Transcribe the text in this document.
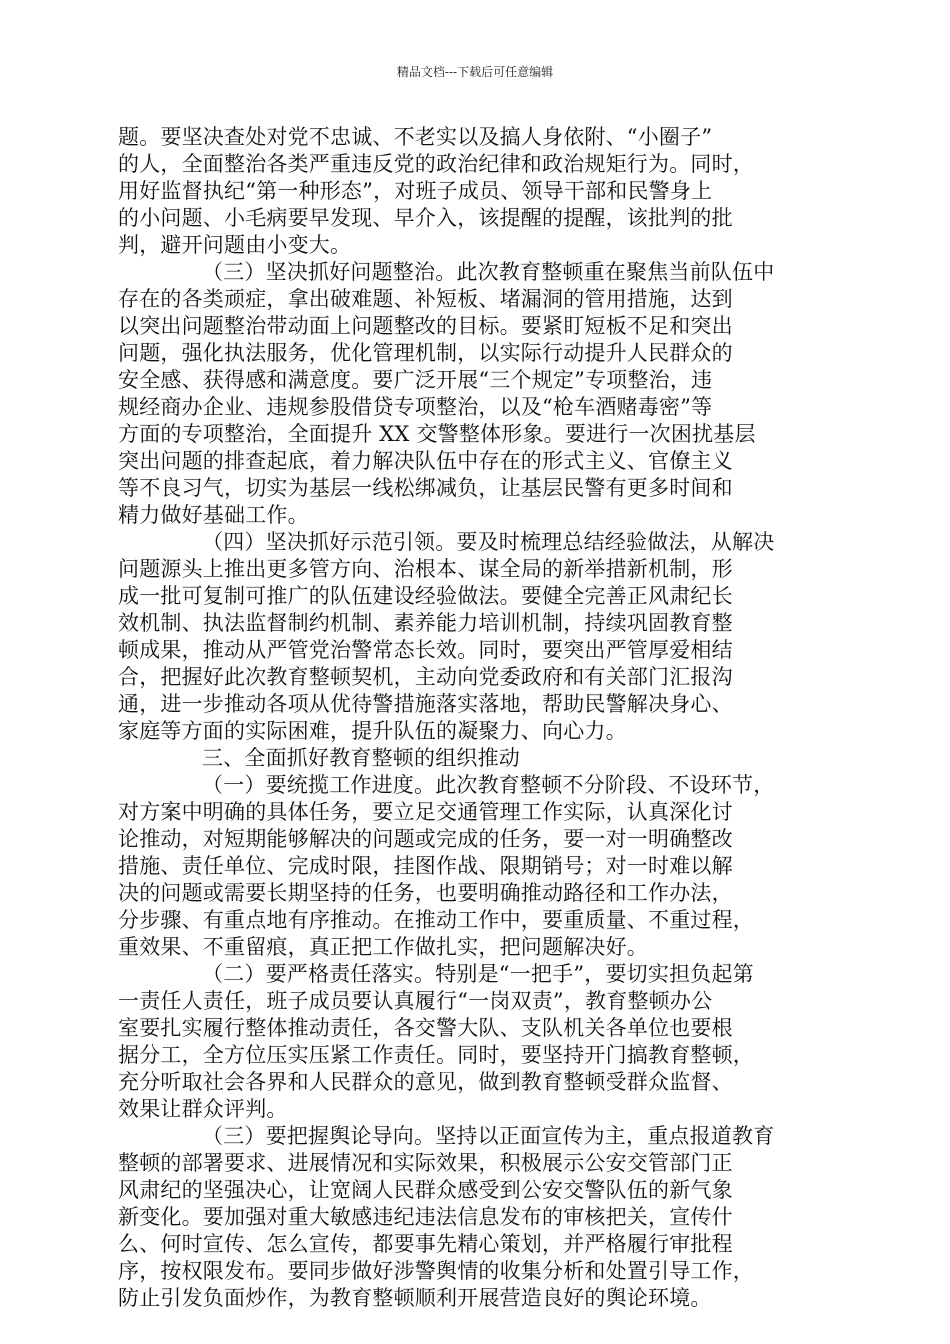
精品文档---下载后可任意编辑
题。要坚决查处对党不忠诚、不老实以及搞人身依附、“小圈子”
的人，全面整治各类严重违反党的政治纪律和政治规矩行为。同时，
用好监督执纪“第一种形态”，对班子成员、领导干部和民警身上
的小问题、小毛病要早发现、早介入，该提醒的提醒，该批判的批
判，避开问题由小变大。
（三）坚决抓好问题整治。此次教育整顿重在聚焦当前队伍中
存在的各类顽症，拿出破难题、补短板、堵漏洞的管用措施，达到
以突出问题整治带动面上问题整改的目标。要紧盯短板不足和突出
问题，强化执法服务，优化管理机制，以实际行动提升人民群众的
安全感、获得感和满意度。要广泛开展“三个规定”专项整治，违
规经商办企业、违规参股借贷专项整治，以及“枪车酒赌毒密”等
方面的专项整治，全面提升 XX 交警整体形象。要进行一次困扰基层
突出问题的排查起底，着力解决队伍中存在的形式主义、官僚主义
等不良习气，切实为基层一线松绑减负，让基层民警有更多时间和
精力做好基础工作。
（四）坚决抓好示范引领。要及时梳理总结经验做法，从解决
问题源头上推出更多管方向、治根本、谋全局的新举措新机制，形
成一批可复制可推广的队伍建设经验做法。要健全完善正风肃纪长
效机制、执法监督制约机制、素养能力培训机制，持续巩固教育整
顿成果，推动从严管党治警常态长效。同时，要突出严管厚爱相结
合，把握好此次教育整顿契机，主动向党委政府和有关部门汇报沟
通，进一步推动各项从优待警措施落实落地，帮助民警解决身心、
家庭等方面的实际困难，提升队伍的凝聚力、向心力。
三、全面抓好教育整顿的组织推动
（一）要统揽工作进度。此次教育整顿不分阶段、不设环节，
对方案中明确的具体任务，要立足交通管理工作实际，认真深化讨
论推动，对短期能够解决的问题或完成的任务，要一对一明确整改
措施、责任单位、完成时限，挂图作战、限期销号；对一时难以解
决的问题或需要长期坚持的任务，也要明确推动路径和工作办法，
分步骤、有重点地有序推动。在推动工作中，要重质量、不重过程，
重效果、不重留痕，真正把工作做扎实，把问题解决好。
（二）要严格责任落实。特别是“一把手”，要切实担负起第
一责任人责任，班子成员要认真履行“一岗双责”，教育整顿办公
室要扎实履行整体推动责任，各交警大队、支队机关各单位也要根
据分工，全方位压实压紧工作责任。同时，要坚持开门搞教育整顿，
充分听取社会各界和人民群众的意见，做到教育整顿受群众监督、
效果让群众评判。
（三）要把握舆论导向。坚持以正面宣传为主，重点报道教育
整顿的部署要求、进展情况和实际效果，积极展示公安交管部门正
风肃纪的坚强决心，让宽阔人民群众感受到公安交警队伍的新气象
新变化。要加强对重大敏感违纪违法信息发布的审核把关，宣传什
么、何时宣传、怎么宣传，都要事先精心策划，并严格履行审批程
序，按权限发布。要同步做好涉警舆情的收集分析和处置引导工作，
防止引发负面炒作，为教育整顿顺利开展营造良好的舆论环境。
